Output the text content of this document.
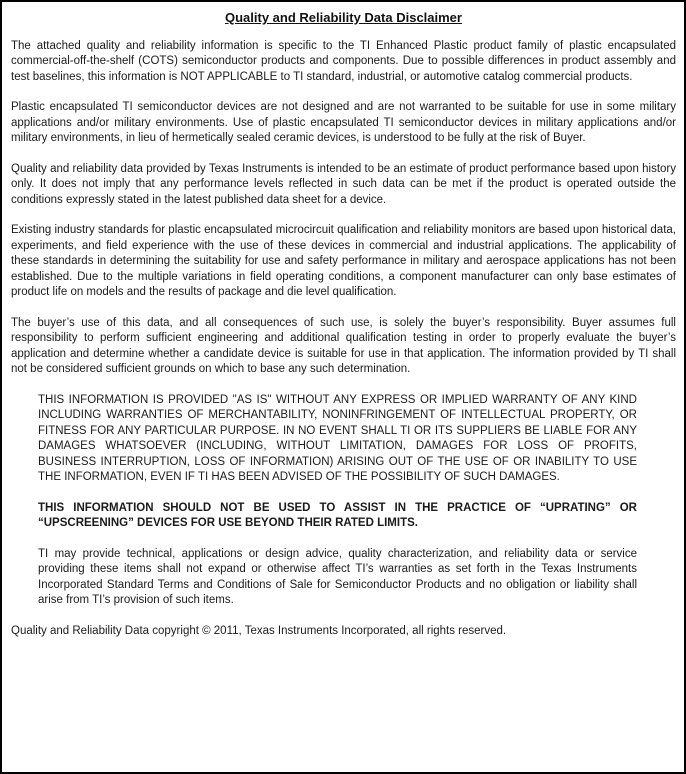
Quality and Reliability Data Disclaimer

The attached quality and reliability information is specific to the TI Enhanced Plastic product family of plastic encapsulated commercial-off-the-shelf (COTS) semiconductor products and components. Due to possible differences in product assembly and test baselines, this information is NOT APPLICABLE to TI standard, industrial, or automotive catalog commercial products.

Plastic encapsulated TI semiconductor devices are not designed and are not warranted to be suitable for use in some military applications and/or military environments. Use of plastic encapsulated TI semiconductor devices in military applications and/or military environments, in lieu of hermetically sealed ceramic devices, is understood to be fully at the risk of Buyer.

Quality and reliability data provided by Texas Instruments is intended to be an estimate of product performance based upon history only. It does not imply that any performance levels reflected in such data can be met if the product is operated outside the conditions expressly stated in the latest published data sheet for a device.

Existing industry standards for plastic encapsulated microcircuit qualification and reliability monitors are based upon historical data, experiments, and field experience with the use of these devices in commercial and industrial applications. The applicability of these standards in determining the suitability for use and safety performance in military and aerospace applications has not been established. Due to the multiple variations in field operating conditions, a component manufacturer can only base estimates of product life on models and the results of package and die level qualification.

The buyer’s use of this data, and all consequences of such use, is solely the buyer’s responsibility. Buyer assumes full responsibility to perform sufficient engineering and additional qualification testing in order to properly evaluate the buyer’s application and determine whether a candidate device is suitable for use in that application. The information provided by TI shall not be considered sufficient grounds on which to base any such determination.

THIS INFORMATION IS PROVIDED "AS IS" WITHOUT ANY EXPRESS OR IMPLIED WARRANTY OF ANY KIND INCLUDING WARRANTIES OF MERCHANTABILITY, NONINFRINGEMENT OF INTELLECTUAL PROPERTY, OR FITNESS FOR ANY PARTICULAR PURPOSE. IN NO EVENT SHALL TI OR ITS SUPPLIERS BE LIABLE FOR ANY DAMAGES WHATSOEVER (INCLUDING, WITHOUT LIMITATION, DAMAGES FOR LOSS OF PROFITS, BUSINESS INTERRUPTION, LOSS OF INFORMATION) ARISING OUT OF THE USE OF OR INABILITY TO USE THE INFORMATION, EVEN IF TI HAS BEEN ADVISED OF THE POSSIBILITY OF SUCH DAMAGES.

THIS INFORMATION SHOULD NOT BE USED TO ASSIST IN THE PRACTICE OF “UPRATING” OR “UPSCREENING” DEVICES FOR USE BEYOND THEIR RATED LIMITS.

TI may provide technical, applications or design advice, quality characterization, and reliability data or service providing these items shall not expand or otherwise affect TI’s warranties as set forth in the Texas Instruments Incorporated Standard Terms and Conditions of Sale for Semiconductor Products and no obligation or liability shall arise from TI’s provision of such items.

Quality and Reliability Data copyright © 2011, Texas Instruments Incorporated, all rights reserved.
